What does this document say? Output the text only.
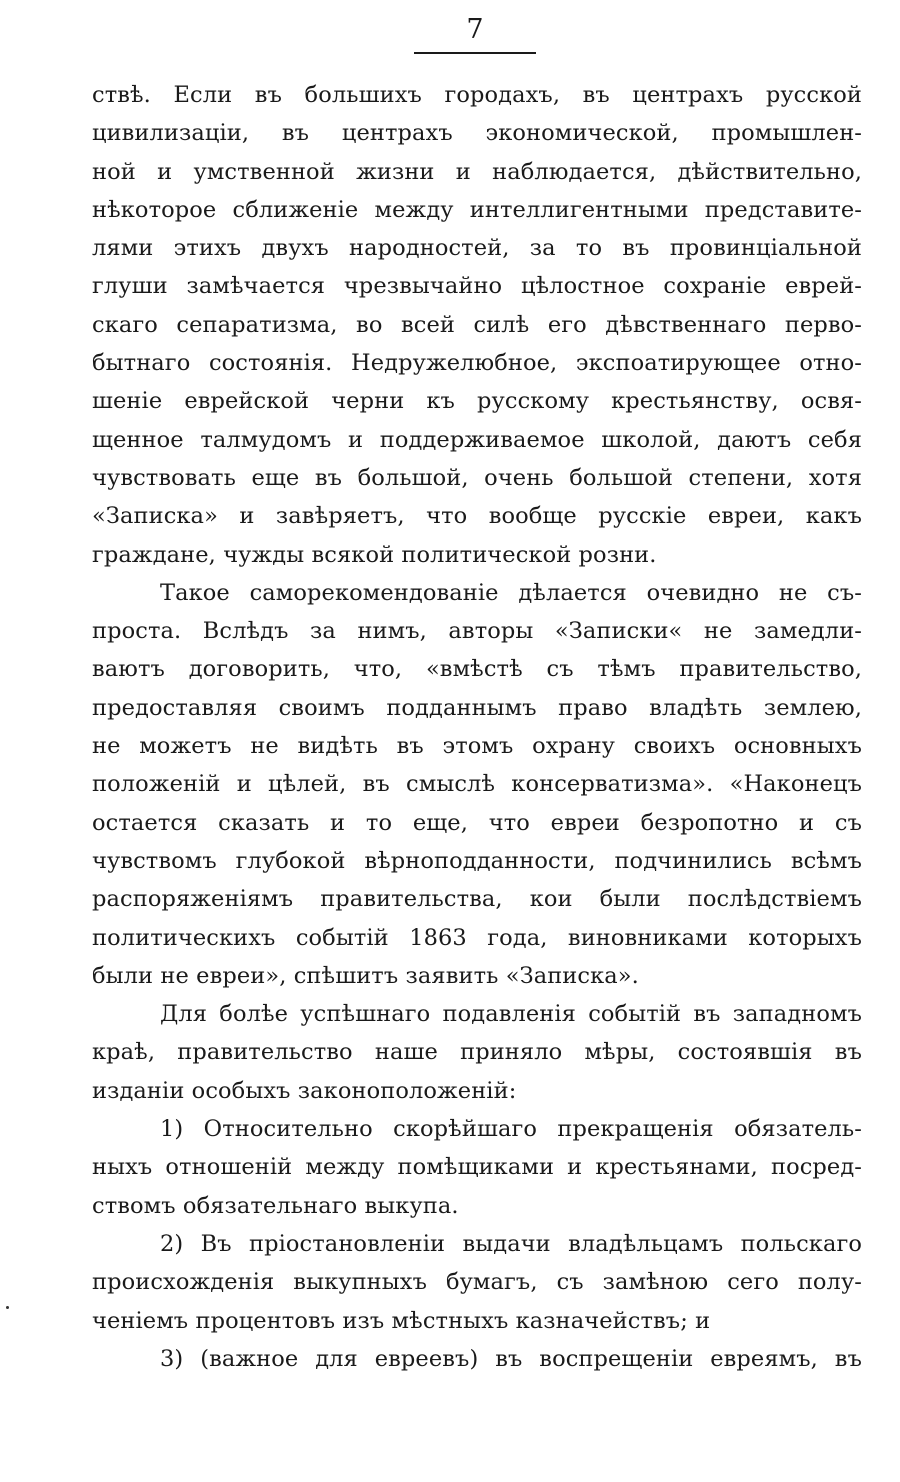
7
ствѣ. Если въ большихъ городахъ, въ центрахъ русской
цивилизаціи, въ центрахъ экономической, промышлен-
ной и умственной жизни и наблюдается, дѣйствительно,
нѣкоторое сближеніе между интеллигентными представите-
лями этихъ двухъ народностей, за то въ провинціальной
глуши замѣчается чрезвычайно цѣлостное сохраніе еврей-
скаго сепаратизма, во всей силѣ его дѣвственнаго перво-
бытнаго состоянія. Недружелюбное, экспоатирующее отно-
шеніе еврейской черни къ русскому крестьянству, освя-
щенное талмудомъ и поддерживаемое школой, даютъ себя
чувствовать еще въ большой, очень большой степени, хотя
«Записка» и завѣряетъ, что вообще русскіе евреи, какъ
граждане, чужды всякой политической розни.
Такое саморекомендованіе дѣлается очевидно не съ-
проста. Вслѣдъ за нимъ, авторы «Записки« не замедли-
ваютъ договорить, что, «вмѣстѣ съ тѣмъ правительство,
предоставляя своимъ подданнымъ право владѣть землею,
не можетъ не видѣть въ этомъ охрану своихъ основныхъ
положеній и цѣлей, въ смыслѣ консерватизма». «Наконецъ
остается сказать и то еще, что евреи безропотно и съ
чувствомъ глубокой вѣрноподданности, подчинились всѣмъ
распоряженіямъ правительства, кои были послѣдствіемъ
политическихъ событій 1863 года, виновниками которыхъ
были не евреи», спѣшитъ заявить «Записка».
Для болѣе успѣшнаго подавленія событій въ западномъ
краѣ, правительство наше приняло мѣры, состоявшія въ
изданіи особыхъ законоположеній:
1) Относительно скорѣйшаго прекращенія обязатель-
ныхъ отношеній между помѣщиками и крестьянами, посред-
ствомъ обязательнаго выкупа.
2) Въ пріостановленіи выдачи владѣльцамъ польскаго
происхожденія выкупныхъ бумагъ, съ замѣною сего полу-
ченіемъ процентовъ изъ мѣстныхъ казначействъ; и
3) (важное для евреевъ) въ воспрещеніи евреямъ, въ
